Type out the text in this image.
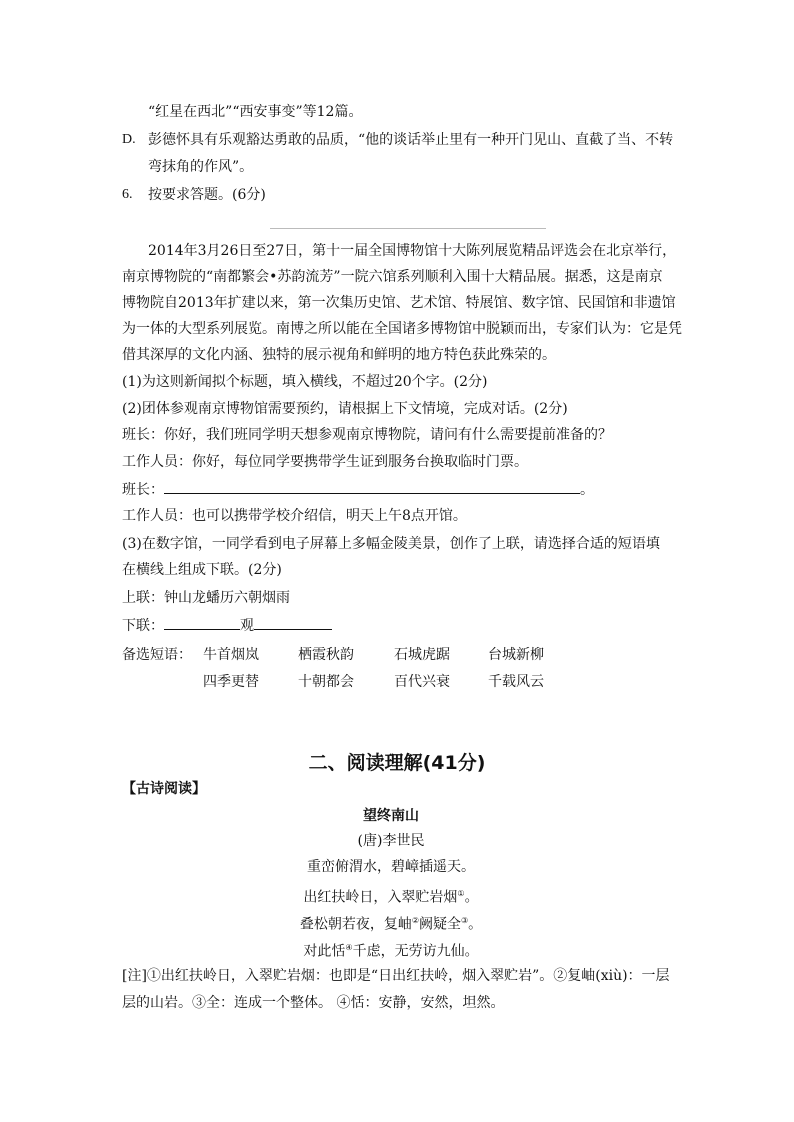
“红星在西北”“西安事变”等12篇。
D. 彭德怀具有乐观豁达勇敢的品质，“他的谈话举止里有一种开门见山、直截了当、不转
弯抹角的作风”。
6. 按要求答题。(6分)
2014年3月26日至27日，第十一届全国博物馆十大陈列展览精品评选会在北京举行，
南京博物院的“南都繁会•苏韵流芳”一院六馆系列顺利入围十大精品展。据悉，这是南京
博物院自2013年扩建以来，第一次集历史馆、艺术馆、特展馆、数字馆、民国馆和非遗馆
为一体的大型系列展览。南博之所以能在全国诸多博物馆中脱颖而出，专家们认为：它是凭
借其深厚的文化内涵、独特的展示视角和鲜明的地方特色获此殊荣的。
(1)为这则新闻拟个标题，填入横线，不超过20个字。(2分)
(2)团体参观南京博物馆需要预约，请根据上下文情境，完成对话。(2分)
班长：你好，我们班同学明天想参观南京博物院，请问有什么需要提前准备的？
工作人员：你好，每位同学要携带学生证到服务台换取临时门票。
班长：	。
工作人员：也可以携带学校介绍信，明天上午8点开馆。
(3)在数字馆，一同学看到电子屏幕上多幅金陵美景，创作了上联，请选择合适的短语填
在横线上组成下联。(2分)
上联：钟山龙蟠历六朝烟雨
下联：	观
备选短语： 牛首烟岚	栖霞秋韵	石城虎踞	台城新柳
四季更替	十朝都会	百代兴衰	千载风云
二、阅读理解(41分)
【古诗阅读】
望终南山
(唐)李世民
重峦俯渭水，碧嶂插遥天。
出红扶岭日，入翠贮岩烟①。
叠松朝若夜，复岫②阙疑全③。
对此恬④千虑，无劳访九仙。
[注]①出红扶岭日，入翠贮岩烟：也即是“日出红扶岭，烟入翠贮岩”。②复岫(xiù)：一层
层的山岩。③全：连成一个整体。 ④恬：安静，安然，坦然。
